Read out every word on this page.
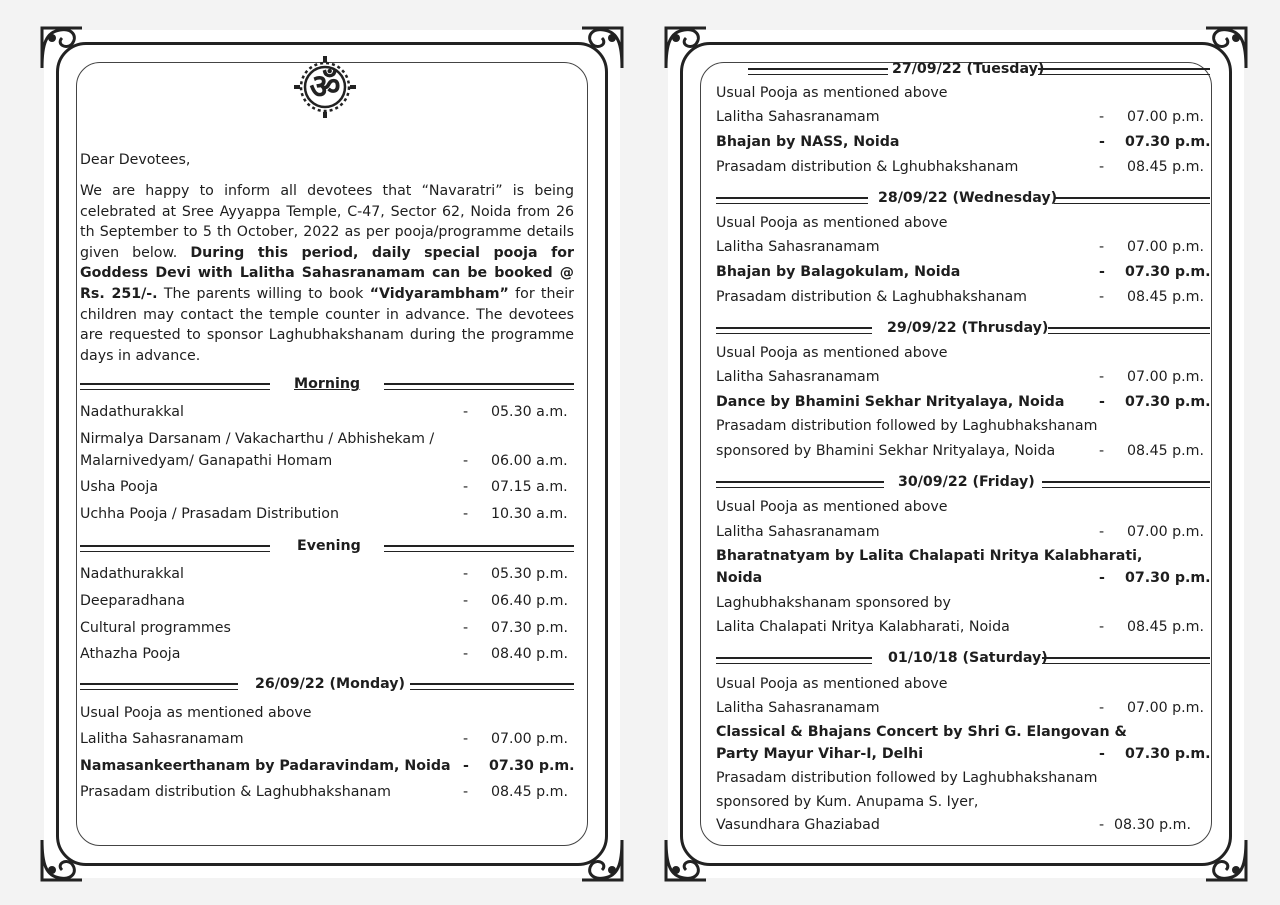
ॐ
Dear Devotees,

We are happy to inform all devotees that “Navaratri” is being celebrated at Sree Ayyappa Temple, C-47, Sector 62, Noida from 26 th September to 5 th October, 2022 as per pooja/programme details given below. During this period, daily special pooja for Goddess Devi with Lalitha Sahasranamam can be booked @ Rs. 251/-. The parents willing to book “Vidyarambham” for their children may contact the temple counter in advance. The devotees are requested to sponsor Laghubhakshanam during the programme days in advance.

Morning
Nadathurakkal	- 05.30 a.m.
Nirmalya Darsanam / Vakacharthu / Abhishekam /
Malarnivedyam/ Ganapathi Homam	- 06.00 a.m.
Usha Pooja	- 07.15 a.m.
Uchha Pooja / Prasadam Distribution	- 10.30 a.m.
Evening
Nadathurakkal	- 05.30 p.m.
Deeparadhana	- 06.40 p.m.
Cultural programmes	- 07.30 p.m.
Athazha Pooja	- 08.40 p.m.
26/09/22 (Monday)
Usual Pooja as mentioned above
Lalitha Sahasranamam	- 07.00 p.m.
Namasankeerthanam by Padaravindam, Noida - 07.30 p.m.
Prasadam distribution & Laghubhakshanam	- 08.45 p.m.
27/09/22 (Tuesday)
Usual Pooja as mentioned above
Lalitha Sahasranamam	- 07.00 p.m.
Bhajan by NASS, Noida	- 07.30 p.m.
Prasadam distribution & Lghubhakshanam	- 08.45 p.m.
28/09/22 (Wednesday)
Usual Pooja as mentioned above
Lalitha Sahasranamam	- 07.00 p.m.
Bhajan by Balagokulam, Noida	- 07.30 p.m.
Prasadam distribution & Laghubhakshanam	- 08.45 p.m.
29/09/22 (Thrusday)
Usual Pooja as mentioned above
Lalitha Sahasranamam	- 07.00 p.m.
Dance by Bhamini Sekhar Nrityalaya, Noida - 07.30 p.m.
Prasadam distribution followed by Laghubhakshanam
sponsored by Bhamini Sekhar Nrityalaya, Noida	- 08.45 p.m.
30/09/22 (Friday)
Usual Pooja as mentioned above
Lalitha Sahasranamam	- 07.00 p.m.
Bharatnatyam by Lalita Chalapati Nritya Kalabharati,
Noida	- 07.30 p.m.
Laghubhakshanam sponsored by
Lalita Chalapati Nritya Kalabharati, Noida	- 08.45 p.m.
01/10/18 (Saturday)
Usual Pooja as mentioned above
Lalitha Sahasranamam	- 07.00 p.m.
Classical & Bhajans Concert by Shri G. Elangovan &
Party Mayur Vihar-I, Delhi	- 07.30 p.m.
Prasadam distribution followed by Laghubhakshanam
sponsored by Kum. Anupama S. Iyer,
Vasundhara Ghaziabad	- 08.30 p.m.
